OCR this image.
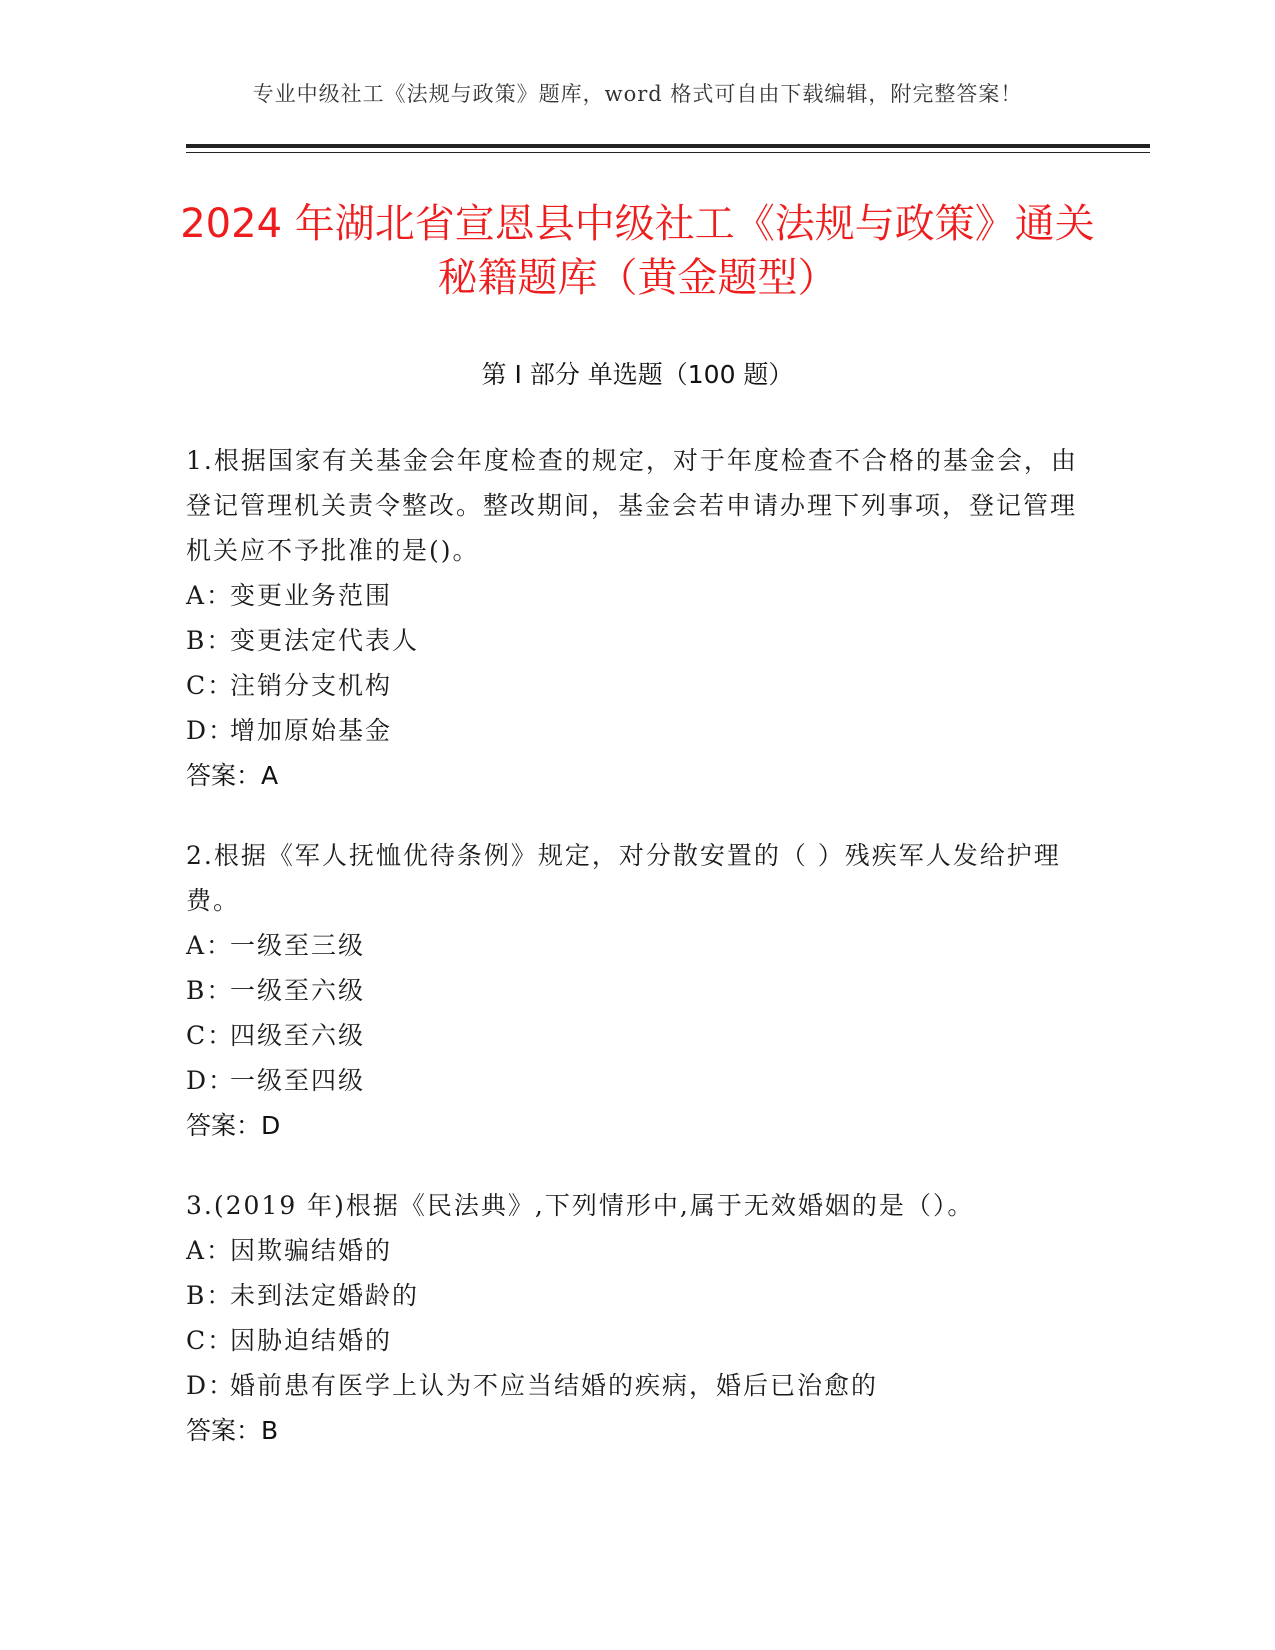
专业中级社工《法规与政策》题库，word 格式可自由下载编辑，附完整答案！
2024 年湖北省宣恩县中级社工《法规与政策》通关秘籍题库（黄金题型）
第 I 部分 单选题（100 题）

1.根据国家有关基金会年度检查的规定，对于年度检查不合格的基金会，由登记管理机关责令整改。整改期间，基金会若申请办理下列事项，登记管理机关应不予批准的是()。

A：变更业务范围

B：变更法定代表人

C：注销分支机构

D：增加原始基金

答案：A

2.根据《军人抚恤优待条例》规定，对分散安置的（ ）残疾军人发给护理费。

A：一级至三级

B：一级至六级

C：四级至六级

D：一级至四级

答案：D

3.(2019 年)根据《民法典》,下列情形中,属于无效婚姻的是（）。

A：因欺骗结婚的

B：未到法定婚龄的

C：因胁迫结婚的

D：婚前患有医学上认为不应当结婚的疾病，婚后已治愈的

答案：B
